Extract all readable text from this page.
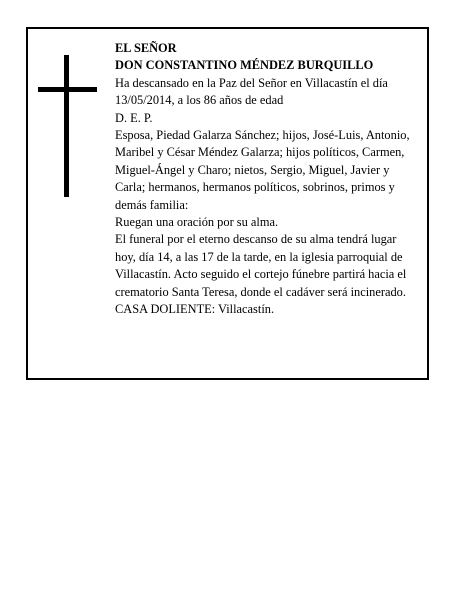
EL SEÑOR

DON CONSTANTINO MÉNDEZ BURQUILLO

Ha descansado en la Paz del Señor en Villacastín el día 13/05/2014, a los 86 años de edad

D. E. P.

Esposa, Piedad Galarza Sánchez; hijos, José-Luis, Antonio, Maribel y César Méndez Galarza; hijos políticos, Carmen, Miguel-Ángel y Charo; nietos, Sergio, Miguel, Javier y Carla; hermanos, hermanos políticos, sobrinos, primos y demás familia:

Ruegan una oración por su alma.

El funeral por el eterno descanso de su alma tendrá lugar hoy, día 14, a las 17 de la tarde, en la iglesia parroquial de Villacastín. Acto seguido el cortejo fúnebre partirá hacia el crematorio Santa Teresa, donde el cadáver será incinerado.

CASA DOLIENTE: Villacastín.
